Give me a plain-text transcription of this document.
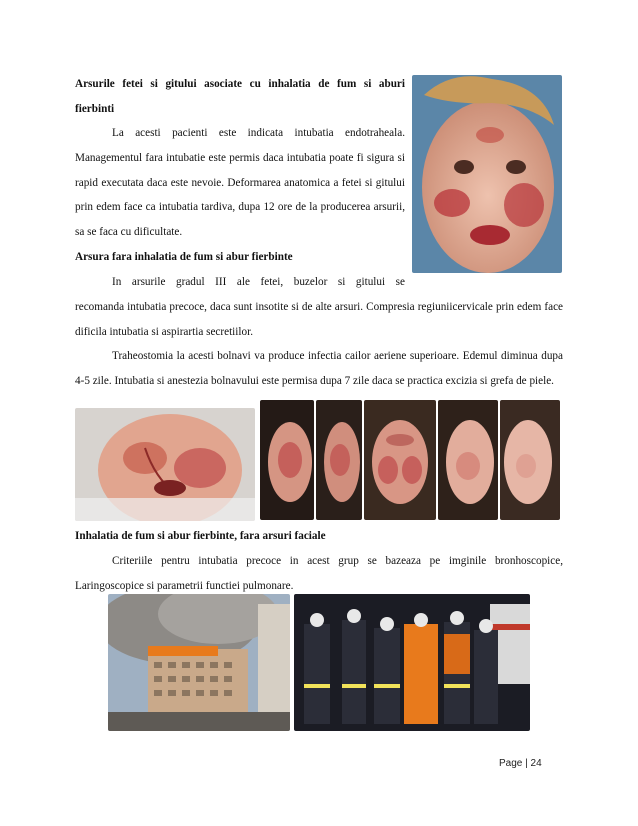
Arsurile fetei si gitului asociate cu inhalatia de fum si aburi
fierbinti
La acesti pacienti este indicata intubatia endotraheala. Managementul fara intubatie este permis daca intubatia poate fi sigura si rapid executata daca este nevoie. Deformarea anatomica a fetei si gitului prin edem face ca intubatia tardiva, dupa 12 ore de la producerea arsurii, sa se faca cu dificultate.
Arsura fara inhalatia de fum si abur fierbinte
In arsurile gradul III ale fetei, buzelor si gitului se
recomanda intubatia precoce, daca sunt insotite si de alte arsuri. Compresia regiuniicervicale prin edem face dificila intubatia si aspirartia secretiilor.
Traheostomia la acesti bolnavi va produce infectia cailor aeriene superioare. Edemul diminua dupa 4-5 zile. Intubatia si anestezia bolnavului este permisa dupa 7 zile daca se practica excizia si grefa de piele.
Inhalatia de fum si abur fierbinte, fara arsuri faciale
Criteriile pentru intubatia precoce in acest grup se bazeaza pe imginile bronhoscopice, Laringoscopice si parametrii functiei pulmonare.
Page | 24
